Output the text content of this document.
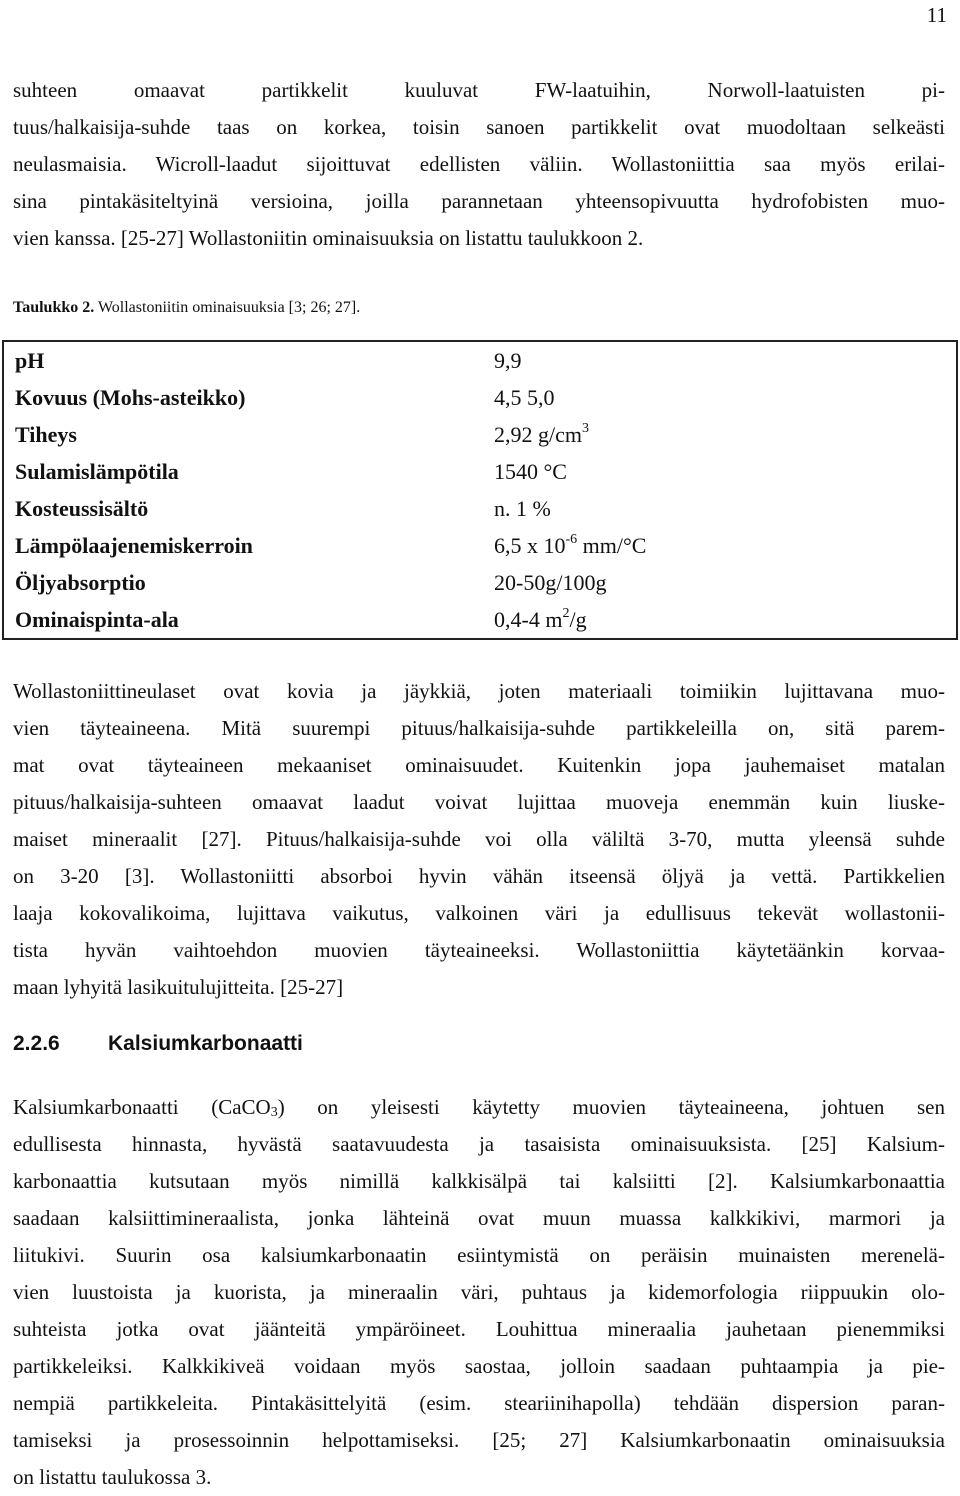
11
suhteen omaavat partikkelit kuuluvat FW-laatuihin, Norwoll-laatuisten pi-
tuus/halkaisija-suhde taas on korkea, toisin sanoen partikkelit ovat muodoltaan selkeästi
neulasmaisia. Wicroll-laadut sijoittuvat edellisten väliin. Wollastoniittia saa myös erilai-
sina pintakäsiteltyinä versioina, joilla parannetaan yhteensopivuutta hydrofobisten muo-
vien kanssa. [25-27] Wollastoniitin ominaisuuksia on listattu taulukkoon 2.
Taulukko 2. Wollastoniitin ominaisuuksia [3; 26; 27].
pH	9,9
Kovuus (Mohs-asteikko)	4,5 5,0
Tiheys	2,92 $g/cm^3$
Sulamislämpötila	1540 °C
Kosteussisältö	n. 1 %
Lämpölaajenemiskerroin	6,5 x $10^{-6}$ mm/°C
Öljyabsorptio	20-50g/100g
Ominaispinta-ala	0,4-4 $m^2/g$
Wollastoniittineulaset ovat kovia ja jäykkiä, joten materiaali toimiikin lujittavana muo-
vien täyteaineena. Mitä suurempi pituus/halkaisija-suhde partikkeleilla on, sitä parem-
mat ovat täyteaineen mekaaniset ominaisuudet. Kuitenkin jopa jauhemaiset matalan
pituus/halkaisija-suhteen omaavat laadut voivat lujittaa muoveja enemmän kuin liuske-
maiset mineraalit [27]. Pituus/halkaisija-suhde voi olla väliltä 3-70, mutta yleensä suhde
on 3-20 [3]. Wollastoniitti absorboi hyvin vähän itseensä öljyä ja vettä. Partikkelien
laaja kokovalikoima, lujittava vaikutus, valkoinen väri ja edullisuus tekevät wollastonii-
tista hyvän vaihtoehdon muovien täyteaineeksi. Wollastoniittia käytetäänkin korvaa-
maan lyhyitä lasikuitulujitteita. [25-27]
2.2.6 Kalsiumkarbonaatti
Kalsiumkarbonaatti (CaCO$_3$) on yleisesti käytetty muovien täyteaineena, johtuen sen
edullisesta hinnasta, hyvästä saatavuudesta ja tasaisista ominaisuuksista. [25] Kalsium-
karbonaattia kutsutaan myös nimillä kalkkisälpä tai kalsiitti [2]. Kalsiumkarbonaattia
saadaan kalsiittimineraalista, jonka lähteinä ovat muun muassa kalkkikivi, marmori ja
liitukivi. Suurin osa kalsiumkarbonaatin esiintymistä on peräisin muinaisten merenelä-
vien luustoista ja kuorista, ja mineraalin väri, puhtaus ja kidemorfologia riippuukin olo-
suhteista jotka ovat jäänteitä ympäröineet. Louhittua mineraalia jauhetaan pienemmiksi
partikkeleiksi. Kalkkikiveä voidaan myös saostaa, jolloin saadaan puhtaampia ja pie-
nempiä partikkeleita. Pintakäsittelyitä (esim. steariinihapolla) tehdään dispersion paran-
tamiseksi ja prosessoinnin helpottamiseksi. [25; 27] Kalsiumkarbonaatin ominaisuuksia
on listattu taulukossa 3.
